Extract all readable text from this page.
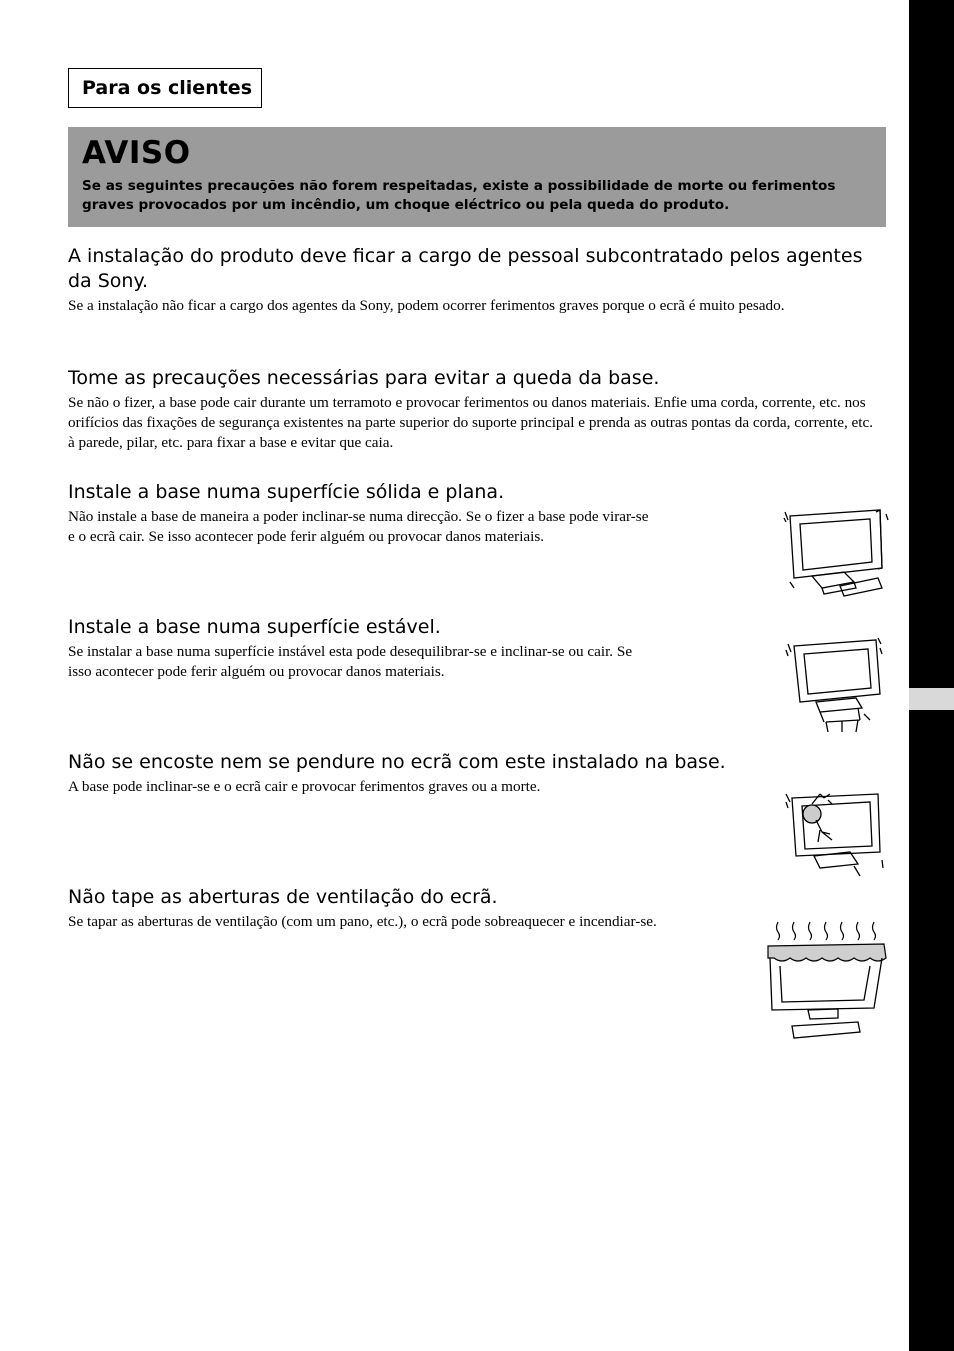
Para os clientes
AVISO
Se as seguintes precauções não forem respeitadas, existe a possibilidade de morte ou ferimentos graves provocados por um incêndio, um choque eléctrico ou pela queda do produto.
A instalação do produto deve ficar a cargo de pessoal subcontratado pelos agentes da Sony.
Se a instalação não ficar a cargo dos agentes da Sony, podem ocorrer ferimentos graves porque o ecrã é muito pesado.
Tome as precauções necessárias para evitar a queda da base.
Se não o fizer, a base pode cair durante um terramoto e provocar ferimentos ou danos materiais. Enfie uma corda, corrente, etc. nos orifícios das fixações de segurança existentes na parte superior do suporte principal e prenda as outras pontas da corda, corrente, etc. à parede, pilar, etc. para fixar a base e evitar que caia.
Instale a base numa superfície sólida e plana.
Não instale a base de maneira a poder inclinar-se numa direcção. Se o fizer a base pode virar-se e o ecrã cair. Se isso acontecer pode ferir alguém ou provocar danos materiais.
Instale a base numa superfície estável.
Se instalar a base numa superfície instável esta pode desequilibrar-se e inclinar-se ou cair. Se isso acontecer pode ferir alguém ou provocar danos materiais.
Não se encoste nem se pendure no ecrã com este instalado na base.
A base pode inclinar-se e o ecrã cair e provocar ferimentos graves ou a morte.
Não tape as aberturas de ventilação do ecrã.
Se tapar as aberturas de ventilação (com um pano, etc.), o ecrã pode sobreaquecer e incendiar-se.
